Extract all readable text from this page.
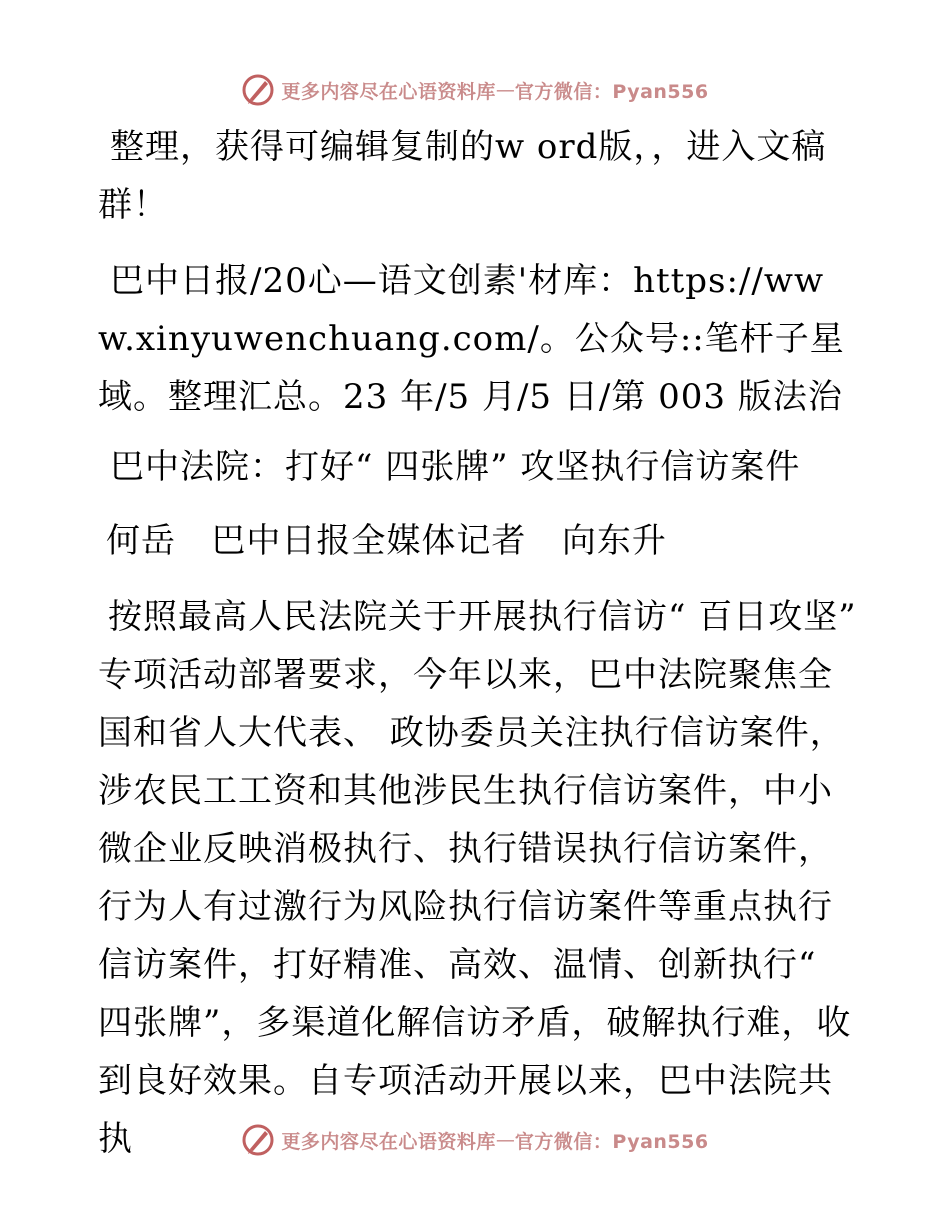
更多内容尽在心语资料库 — 官方微信：Pyan556

整理，获得可编辑复制的w ord版，，进入文稿群！

巴中日报/20心—语文创素'材库：https://www.xinyuwenchuang.com/。公众号::笔杆子星域。整理汇总。23 年/5 月/5 日/第 003 版法治

巴中法院：打好“ 四张牌” 攻坚执行信访案件

何岳   巴中日报全媒体记者   向东升

按照最高人民法院关于开展执行信访“ 百日攻坚” 专项活动部署要求，今年以来，巴中法院聚焦全国和省人大代表、 政协委员关注执行信访案件， 涉农民工工资和其他涉民生执行信访案件，中小微企业反映消极执行、执行错误执行信访案件，行为人有过激行为风险执行信访案件等重点执行信访案件，打好精准、高效、温情、创新执行“ 四张牌”，多渠道化解信访矛盾，破解执行难，收到良好效果。自专项活动开展以来，巴中法院共执	更多内容尽在心语资料库 — 官方微信：Pyan556
